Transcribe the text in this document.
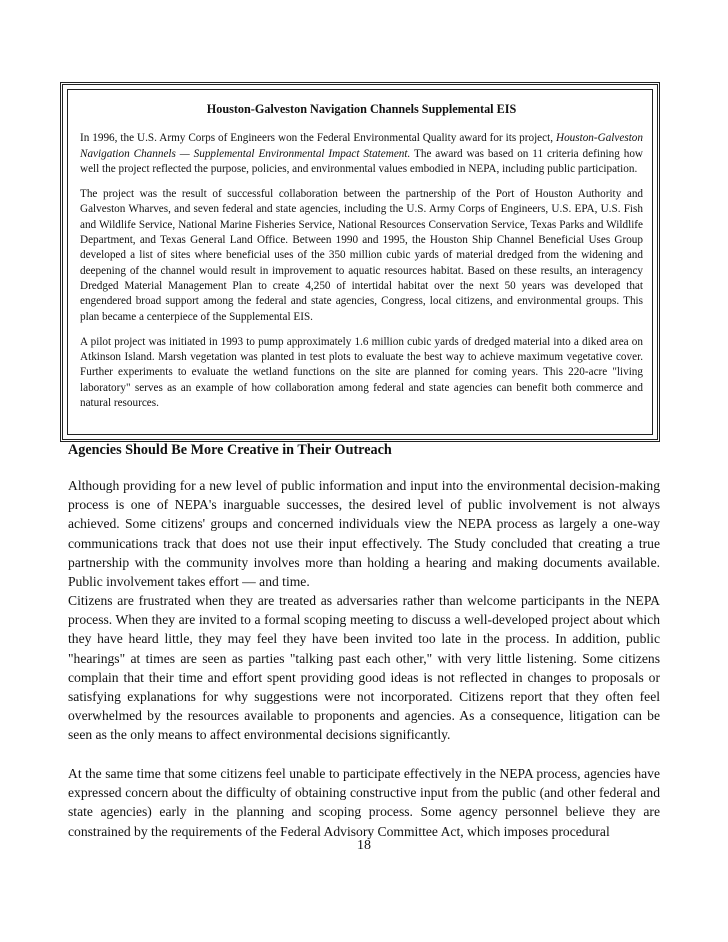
Houston-Galveston Navigation Channels Supplemental EIS

In 1996, the U.S. Army Corps of Engineers won the Federal Environmental Quality award for its project, Houston-Galveston Navigation Channels — Supplemental Environmental Impact Statement. The award was based on 11 criteria defining how well the project reflected the purpose, policies, and environmental values embodied in NEPA, including public participation.

The project was the result of successful collaboration between the partnership of the Port of Houston Authority and Galveston Wharves, and seven federal and state agencies, including the U.S. Army Corps of Engineers, U.S. EPA, U.S. Fish and Wildlife Service, National Marine Fisheries Service, National Resources Conservation Service, Texas Parks and Wildlife Department, and Texas General Land Office. Between 1990 and 1995, the Houston Ship Channel Beneficial Uses Group developed a list of sites where beneficial uses of the 350 million cubic yards of material dredged from the widening and deepening of the channel would result in improvement to aquatic resources habitat. Based on these results, an interagency Dredged Material Management Plan to create 4,250 of intertidal habitat over the next 50 years was developed that engendered broad support among the federal and state agencies, Congress, local citizens, and environmental groups. This plan became a centerpiece of the Supplemental EIS.

A pilot project was initiated in 1993 to pump approximately 1.6 million cubic yards of dredged material into a diked area on Atkinson Island. Marsh vegetation was planted in test plots to evaluate the best way to achieve maximum vegetative cover. Further experiments to evaluate the wetland functions on the site are planned for coming years. This 220-acre "living laboratory" serves as an example of how collaboration among federal and state agencies can benefit both commerce and natural resources.

Agencies Should Be More Creative in Their Outreach

Although providing for a new level of public information and input into the environmental decision-making process is one of NEPA's inarguable successes, the desired level of public involvement is not always achieved. Some citizens' groups and concerned individuals view the NEPA process as largely a one-way communications track that does not use their input effectively. The Study concluded that creating a true partnership with the community involves more than holding a hearing and making documents available. Public involvement takes effort — and time.

Citizens are frustrated when they are treated as adversaries rather than welcome participants in the NEPA process. When they are invited to a formal scoping meeting to discuss a well-developed project about which they have heard little, they may feel they have been invited too late in the process. In addition, public "hearings" at times are seen as parties "talking past each other," with very little listening. Some citizens complain that their time and effort spent providing good ideas is not reflected in changes to proposals or satisfying explanations for why suggestions were not incorporated. Citizens report that they often feel overwhelmed by the resources available to proponents and agencies. As a consequence, litigation can be seen as the only means to affect environmental decisions significantly.

At the same time that some citizens feel unable to participate effectively in the NEPA process, agencies have expressed concern about the difficulty of obtaining constructive input from the public (and other federal and state agencies) early in the planning and scoping process. Some agency personnel believe they are constrained by the requirements of the Federal Advisory Committee Act, which imposes procedural

18
